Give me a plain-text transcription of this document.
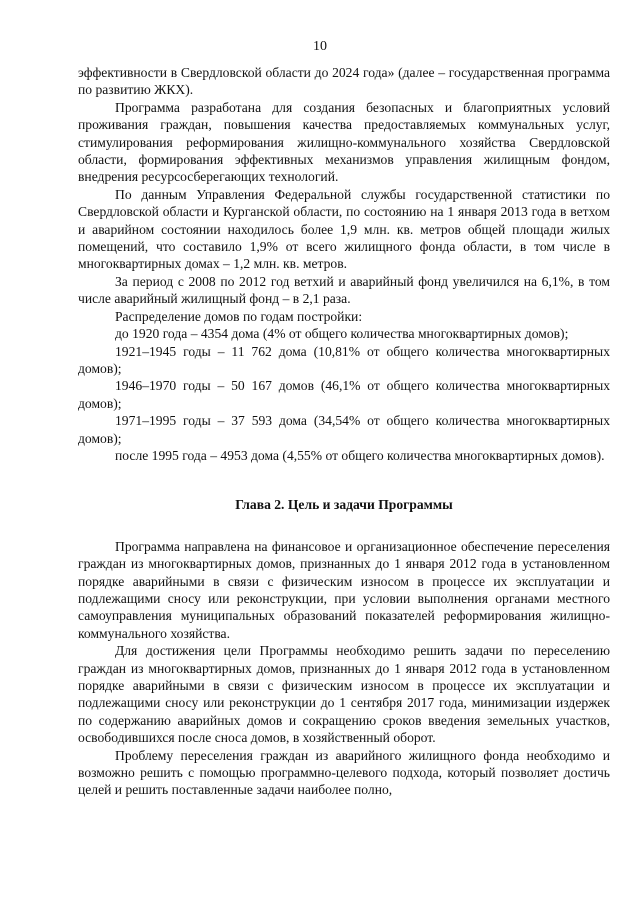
10

эффективности в Свердловской области до 2024 года» (далее – государственная программа по развитию ЖКХ).

Программа разработана для создания безопасных и благоприятных условий проживания граждан, повышения качества предоставляемых коммунальных услуг, стимулирования реформирования жилищно-коммунального хозяйства Свердловской области, формирования эффективных механизмов управления жилищным фондом, внедрения ресурсосберегающих технологий.

По данным Управления Федеральной службы государственной статистики по Свердловской области и Курганской области, по состоянию на 1 января 2013 года в ветхом и аварийном состоянии находилось более 1,9 млн. кв. метров общей площади жилых помещений, что составило 1,9% от всего жилищного фонда области, в том числе в многоквартирных домах – 1,2 млн. кв. метров.

За период с 2008 по 2012 год ветхий и аварийный фонд увеличился на 6,1%, в том числе аварийный жилищный фонд – в 2,1 раза.

Распределение домов по годам постройки:

до 1920 года – 4354 дома (4% от общего количества многоквартирных домов);

1921–1945 годы – 11 762 дома (10,81% от общего количества многоквартирных домов);

1946–1970 годы – 50 167 домов (46,1% от общего количества многоквартирных домов);

1971–1995 годы – 37 593 дома (34,54% от общего количества многоквартирных домов);

после 1995 года – 4953 дома (4,55% от общего количества многоквартирных домов).

Глава 2. Цель и задачи Программы

Программа направлена на финансовое и организационное обеспечение переселения граждан из многоквартирных домов, признанных до 1 января 2012 года в установленном порядке аварийными в связи с физическим износом в процессе их эксплуатации и подлежащими сносу или реконструкции, при условии выполнения органами местного самоуправления муниципальных образований показателей реформирования жилищно-коммунального хозяйства.

Для достижения цели Программы необходимо решить задачи по переселению граждан из многоквартирных домов, признанных до 1 января 2012 года в установленном порядке аварийными в связи с физическим износом в процессе их эксплуатации и подлежащими сносу или реконструкции до 1 сентября 2017 года, минимизации издержек по содержанию аварийных домов и сокращению сроков введения земельных участков, освободившихся после сноса домов, в хозяйственный оборот.

Проблему переселения граждан из аварийного жилищного фонда необходимо и возможно решить с помощью программно-целевого подхода, который позволяет достичь целей и решить поставленные задачи наиболее полно,
